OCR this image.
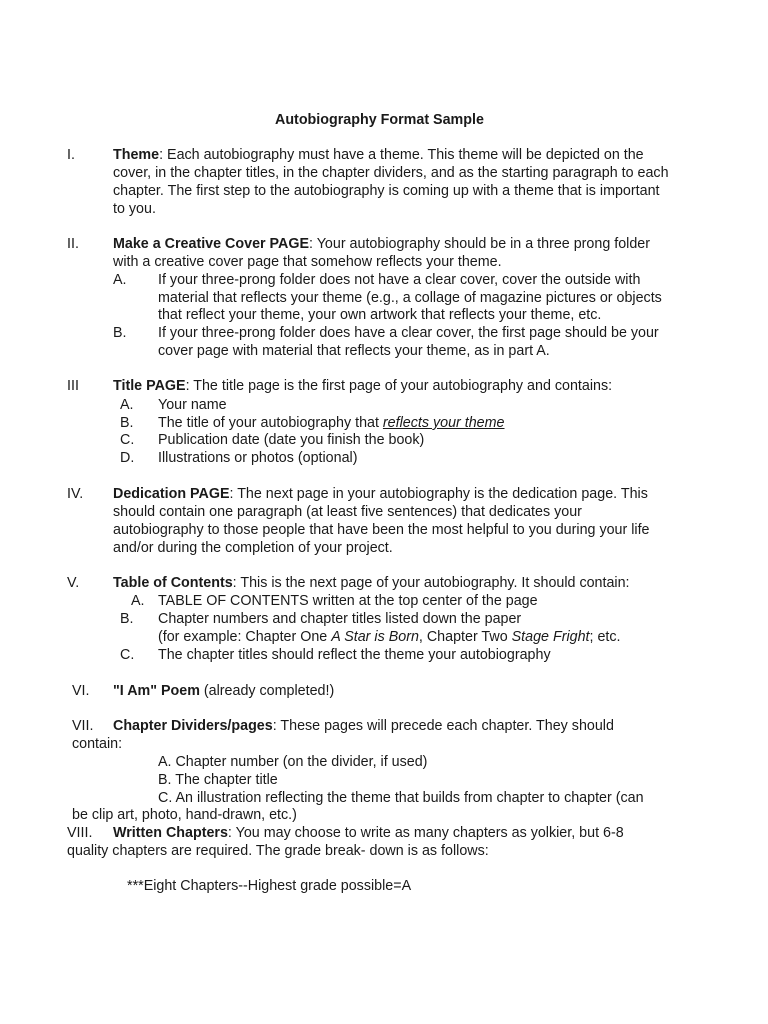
Autobiography Format Sample
I.	Theme: Each autobiography must have a theme. This theme will be depicted on the
cover, in the chapter titles, in the chapter dividers, and as the starting paragraph to each
chapter. The first step to the autobiography is coming up with a theme that is important
to you.
II. Make a Creative Cover PAGE: Your autobiography should be in a three prong folder
with a creative cover page that somehow reflects your theme.
A. If your three-prong folder does not have a clear cover, cover the outside with
material that reflects your theme (e.g., a collage of magazine pictures or objects
that reflect your theme, your own artwork that reflects your theme, etc.
B. If your three-prong folder does have a clear cover, the first page should be your
cover page with material that reflects your theme, as in part A.
III Title PAGE: The title page is the first page of your autobiography and contains:
A. Your name
B. The title of your autobiography that reflects your theme
C. Publication date (date you finish the book)
D. Illustrations or photos (optional)
IV. Dedication PAGE: The next page in your autobiography is the dedication page. This
should contain one paragraph (at least five sentences) that dedicates your
autobiography to those people that have been the most helpful to you during your life
and/or during the completion of your project.
V. Table of Contents: This is the next page of your autobiography. It should contain:
A. TABLE OF CONTENTS written at the top center of the page
B. Chapter numbers and chapter titles listed down the paper
(for example: Chapter One A Star is Born, Chapter Two Stage Fright; etc.
C. The chapter titles should reflect the theme your autobiography
VI. "I Am" Poem (already completed!)
VII. Chapter Dividers/pages: These pages will precede each chapter. They should
contain:
A. Chapter number (on the divider, if used)
B. The chapter title
C. An illustration reflecting the theme that builds from chapter to chapter (can
be clip art, photo, hand-drawn, etc.)
VIII. Written Chapters: You may choose to write as many chapters as yolkier, but 6-8
quality chapters are required. The grade break- down is as follows:
***Eight Chapters--Highest grade possible=A
